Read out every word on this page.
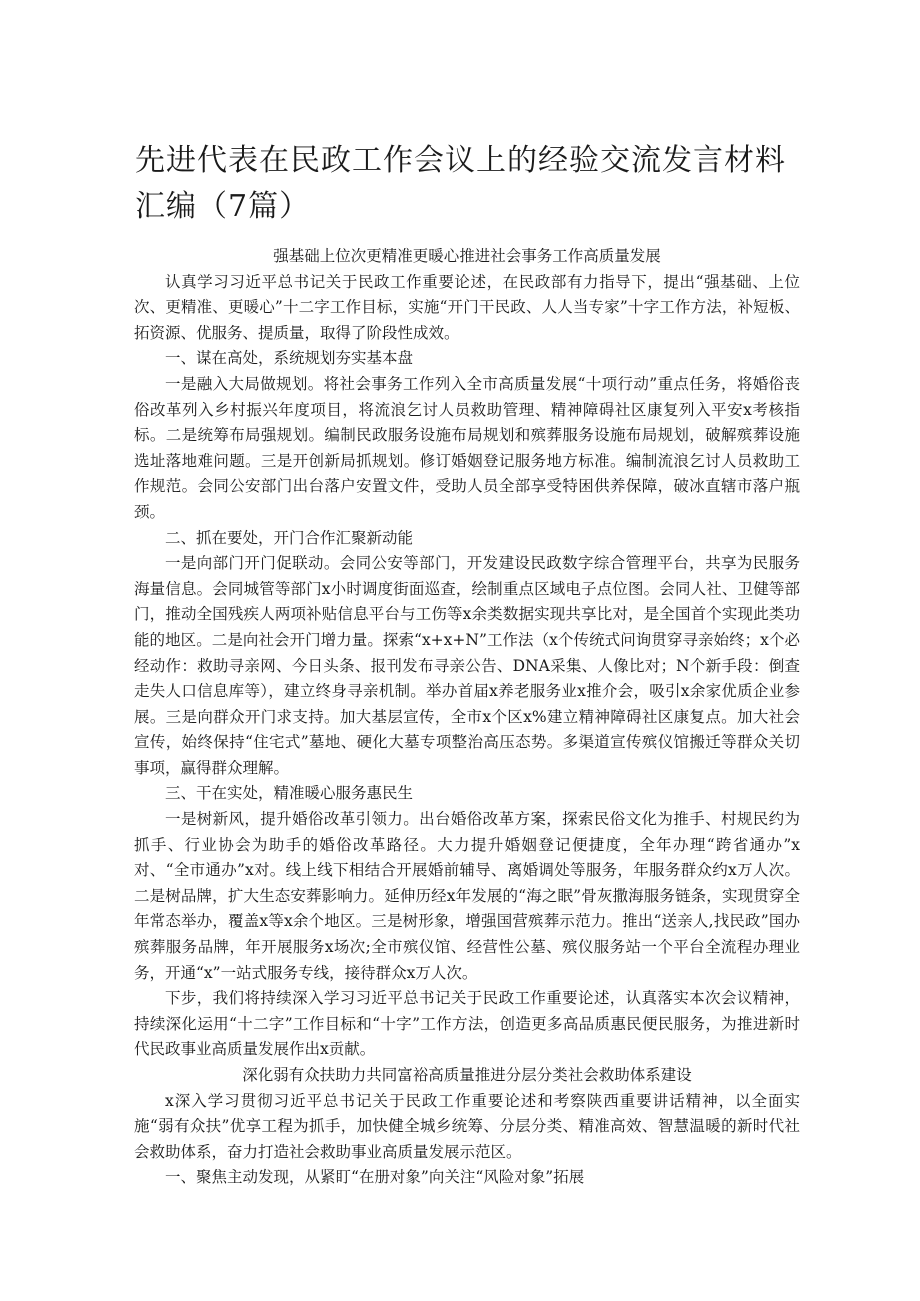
先进代表在民政工作会议上的经验交流发言材料汇编（7篇）

强基础上位次更精准更暖心推进社会事务工作高质量发展

认真学习习近平总书记关于民政工作重要论述，在民政部有力指导下，提出“强基础、上位次、更精准、更暖心”十二字工作目标，实施“开门干民政、人人当专家”十字工作方法，补短板、拓资源、优服务、提质量，取得了阶段性成效。

一、谋在高处，系统规划夯实基本盘

一是融入大局做规划。将社会事务工作列入全市高质量发展“十项行动”重点任务，将婚俗丧俗改革列入乡村振兴年度项目，将流浪乞讨人员救助管理、精神障碍社区康复列入平安x考核指标。二是统筹布局强规划。编制民政服务设施布局规划和殡葬服务设施布局规划，破解殡葬设施选址落地难问题。三是开创新局抓规划。修订婚姻登记服务地方标准。编制流浪乞讨人员救助工作规范。会同公安部门出台落户安置文件，受助人员全部享受特困供养保障，破冰直辖市落户瓶颈。

二、抓在要处，开门合作汇聚新动能

一是向部门开门促联动。会同公安等部门，开发建设民政数字综合管理平台，共享为民服务海量信息。会同城管等部门x小时调度街面巡查，绘制重点区域电子点位图。会同人社、卫健等部门，推动全国残疾人两项补贴信息平台与工伤等x余类数据实现共享比对，是全国首个实现此类功能的地区。二是向社会开门增力量。探索“x+x+N”工作法（x个传统式问询贯穿寻亲始终；x个必经动作：救助寻亲网、今日头条、报刊发布寻亲公告、DNA采集、人像比对；N个新手段：倒查走失人口信息库等），建立终身寻亲机制。举办首届x养老服务业x推介会，吸引x余家优质企业参展。三是向群众开门求支持。加大基层宣传，全市x个区x%建立精神障碍社区康复点。加大社会宣传，始终保持“住宅式”墓地、硬化大墓专项整治高压态势。多渠道宣传殡仪馆搬迁等群众关切事项，赢得群众理解。

三、干在实处，精准暖心服务惠民生

一是树新风，提升婚俗改革引领力。出台婚俗改革方案，探索民俗文化为推手、村规民约为抓手、行业协会为助手的婚俗改革路径。大力提升婚姻登记便捷度，全年办理“跨省通办”x对、“全市通办”x对。线上线下相结合开展婚前辅导、离婚调处等服务，年服务群众约x万人次。二是树品牌，扩大生态安葬影响力。延伸历经x年发展的“海之眠”骨灰撒海服务链条，实现贯穿全年常态举办，覆盖x等x余个地区。三是树形象，增强国营殡葬示范力。推出“送亲人,找民政”国办殡葬服务品牌，年开展服务x场次;全市殡仪馆、经营性公墓、殡仪服务站一个平台全流程办理业务，开通“x”一站式服务专线，接待群众x万人次。

下步，我们将持续深入学习习近平总书记关于民政工作重要论述，认真落实本次会议精神，持续深化运用“十二字”工作目标和“十字”工作方法，创造更多高品质惠民便民服务，为推进新时代民政事业高质量发展作出x贡献。

深化弱有众扶助力共同富裕高质量推进分层分类社会救助体系建设

x深入学习贯彻习近平总书记关于民政工作重要论述和考察陕西重要讲话精神，以全面实施“弱有众扶”优享工程为抓手，加快健全城乡统筹、分层分类、精准高效、智慧温暖的新时代社会救助体系，奋力打造社会救助事业高质量发展示范区。

一、聚焦主动发现，从紧盯“在册对象”向关注“风险对象”拓展
